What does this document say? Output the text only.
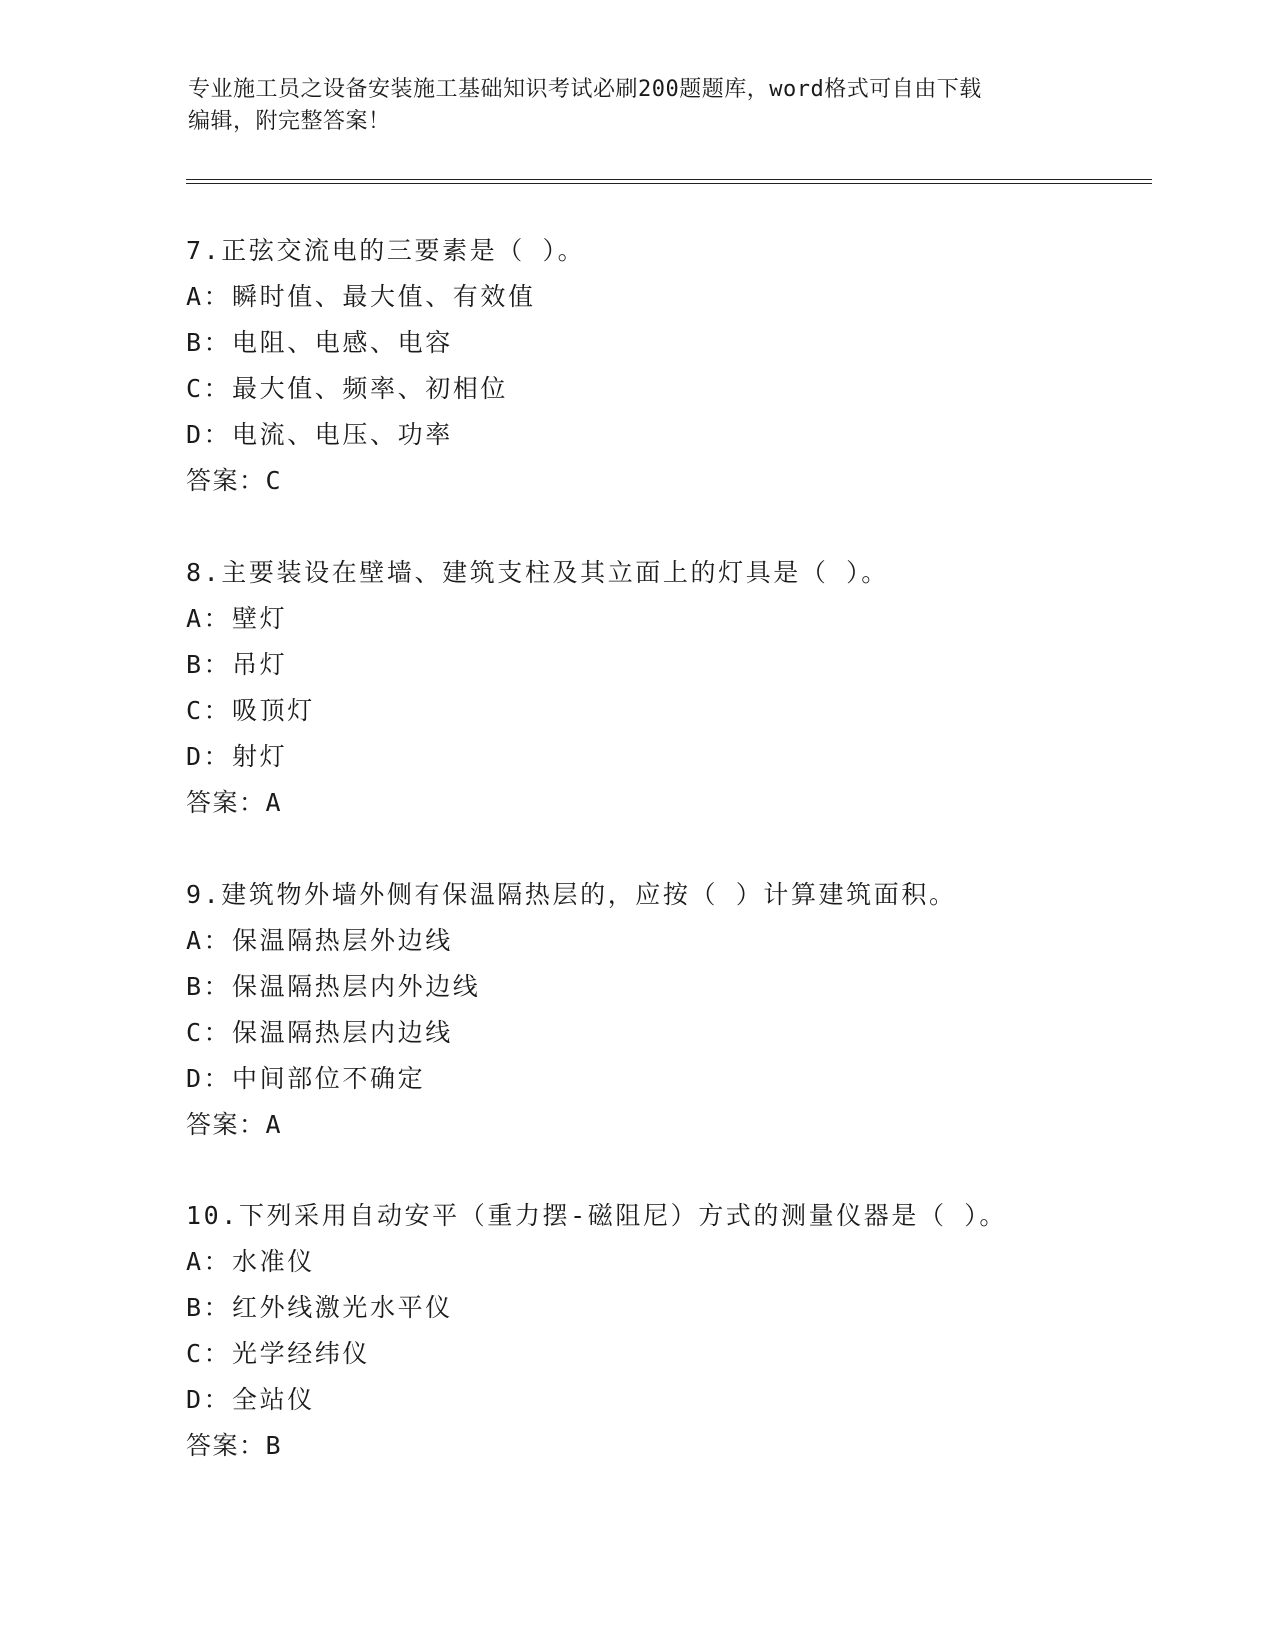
专业施工员之设备安装施工基础知识考试必刷200题题库，word格式可自由下载
编辑，附完整答案！
7.正弦交流电的三要素是（ ）。
A：瞬时值、最大值、有效值
B：电阻、电感、电容
C：最大值、频率、初相位
D：电流、电压、功率
答案：C
8.主要装设在壁墙、建筑支柱及其立面上的灯具是（ ）。
A：壁灯
B：吊灯
C：吸顶灯
D：射灯
答案：A
9.建筑物外墙外侧有保温隔热层的，应按（ ）计算建筑面积。
A：保温隔热层外边线
B：保温隔热层内外边线
C：保温隔热层内边线
D：中间部位不确定
答案：A
10.下列采用自动安平（重力摆-磁阻尼）方式的测量仪器是（ ）。
A：水准仪
B：红外线激光水平仪
C：光学经纬仪
D：全站仪
答案：B
